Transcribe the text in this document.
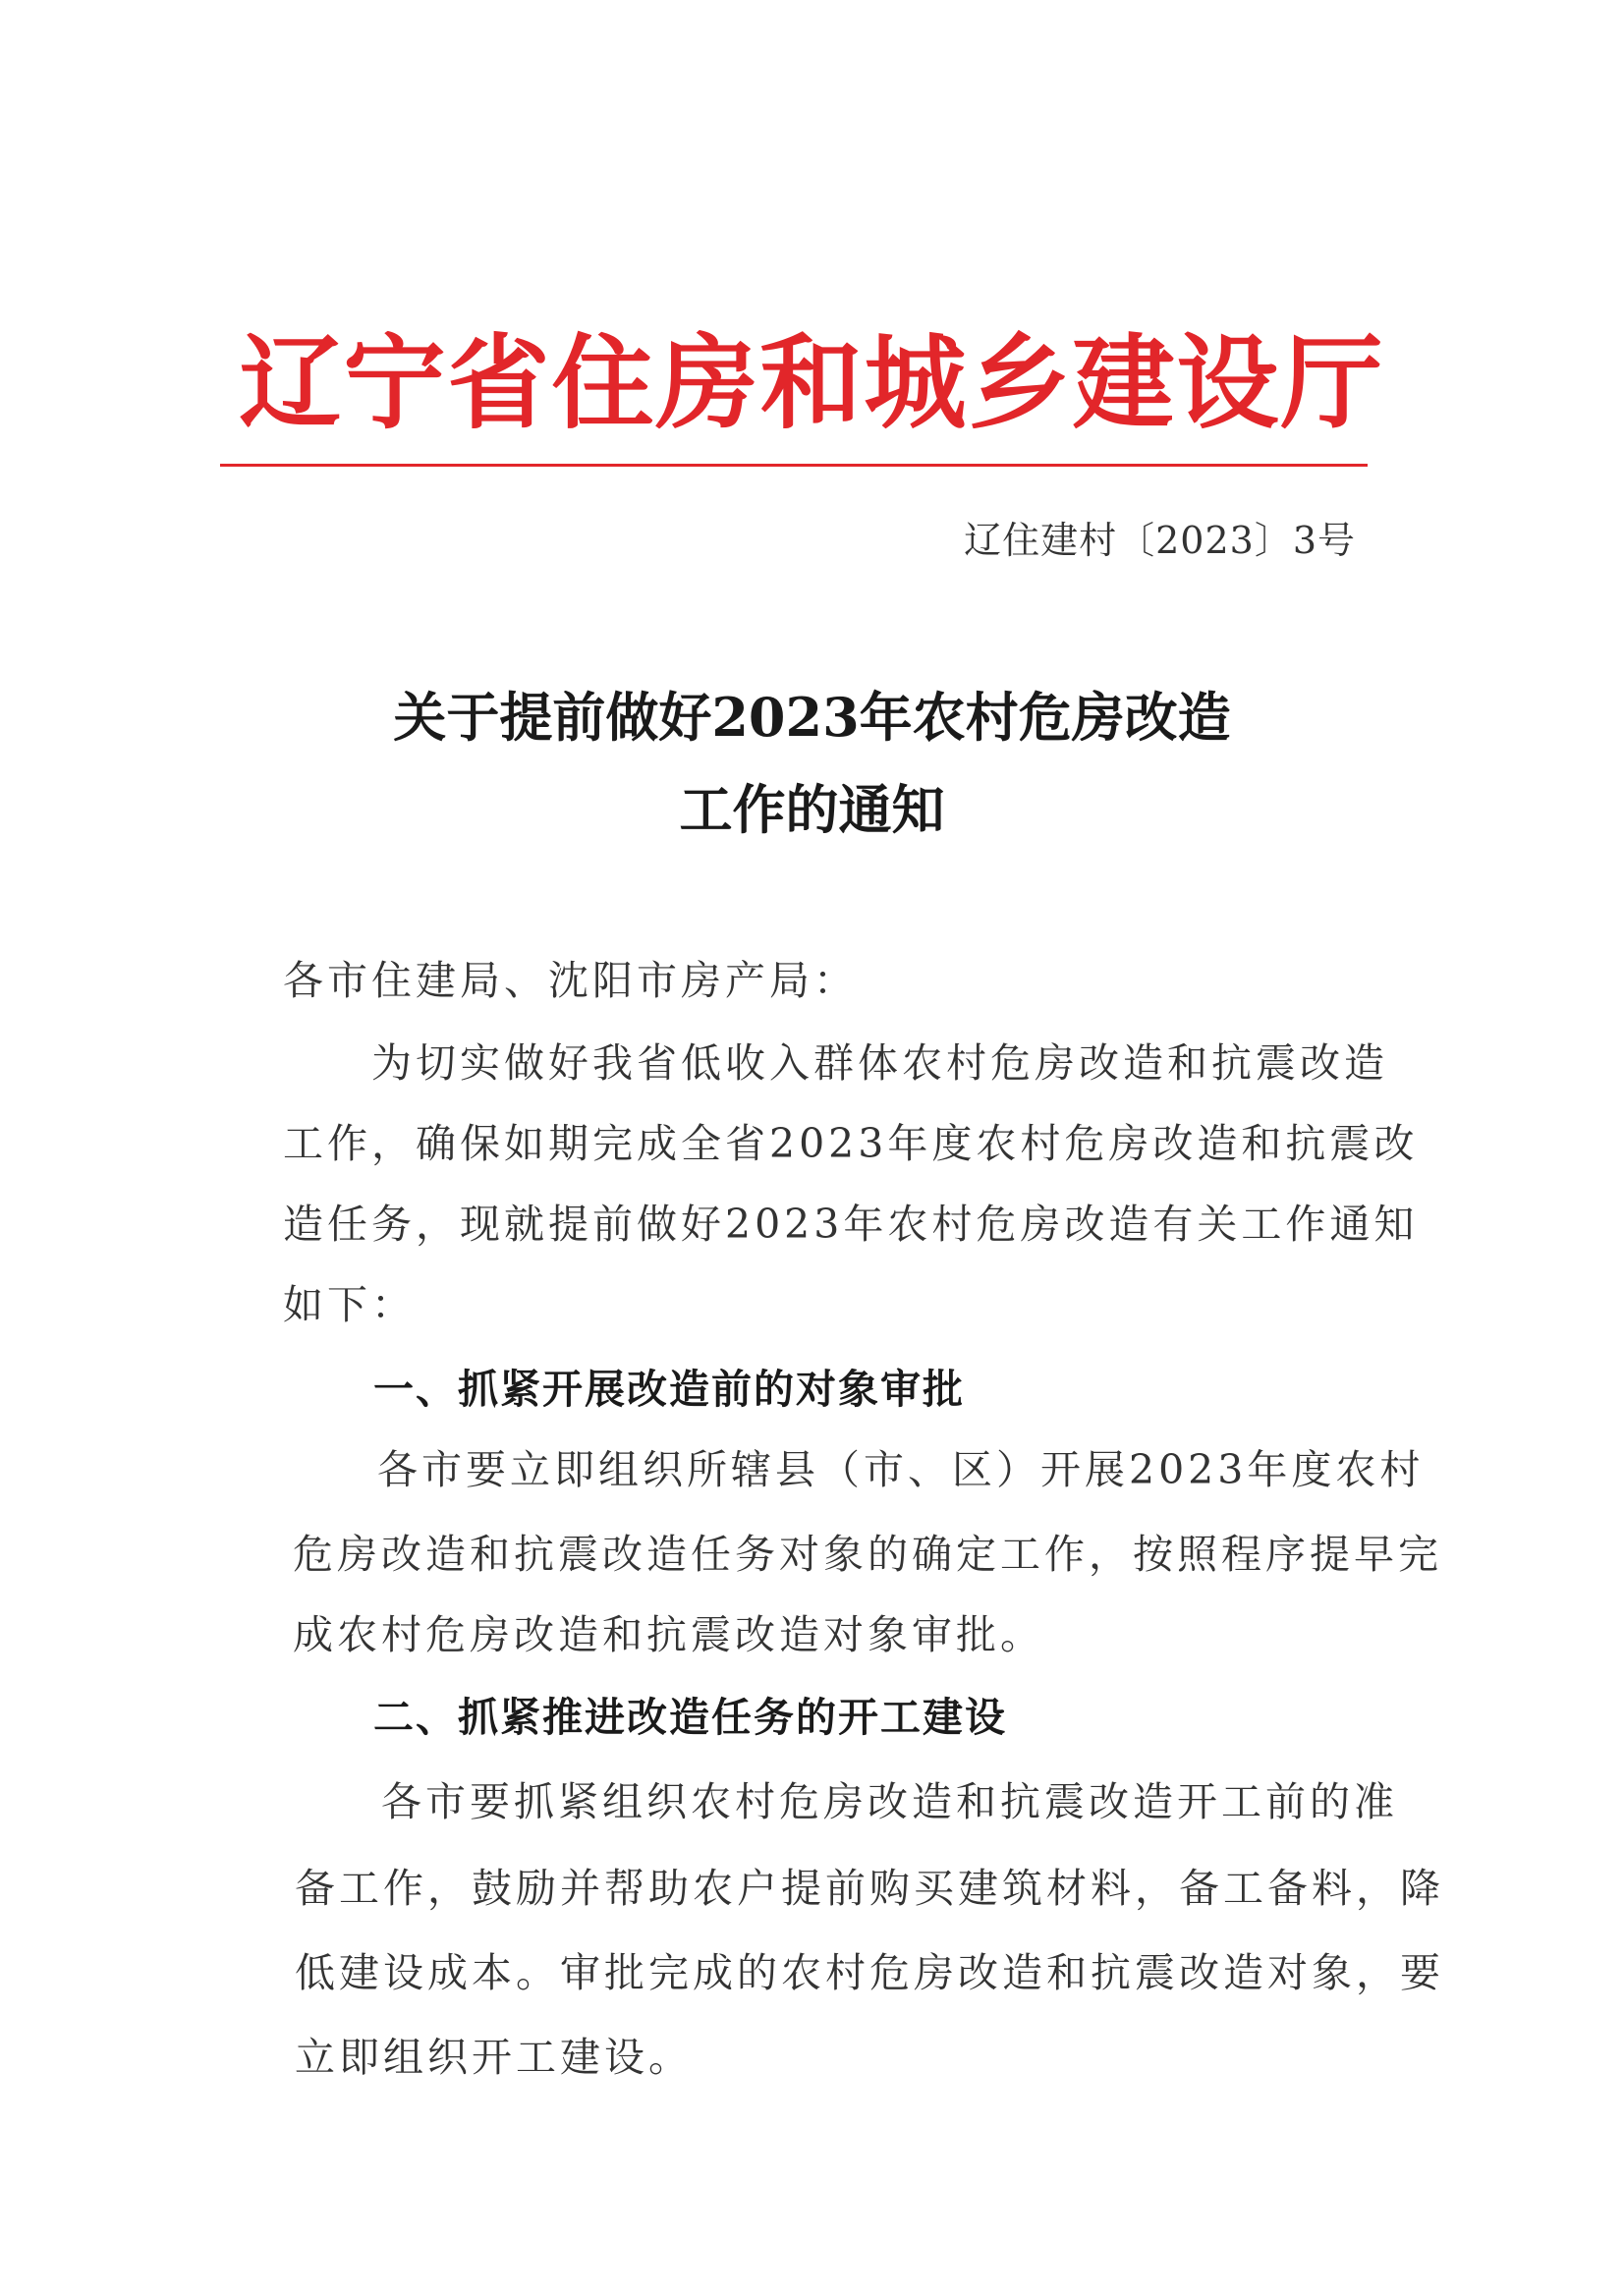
辽宁省住房和城乡建设厅
辽住建村〔2023〕3号
关于提前做好2023年农村危房改造
工作的通知
各市住建局、沈阳市房产局：
为切实做好我省低收入群体农村危房改造和抗震改造
工作，确保如期完成全省2023年度农村危房改造和抗震改
造任务，现就提前做好2023年农村危房改造有关工作通知
如下：
一、抓紧开展改造前的对象审批
各市要立即组织所辖县（市、区）开展2023年度农村
危房改造和抗震改造任务对象的确定工作，按照程序提早完
成农村危房改造和抗震改造对象审批。
二、抓紧推进改造任务的开工建设
各市要抓紧组织农村危房改造和抗震改造开工前的准
备工作，鼓励并帮助农户提前购买建筑材料，备工备料，降
低建设成本。审批完成的农村危房改造和抗震改造对象，要
立即组织开工建设。
